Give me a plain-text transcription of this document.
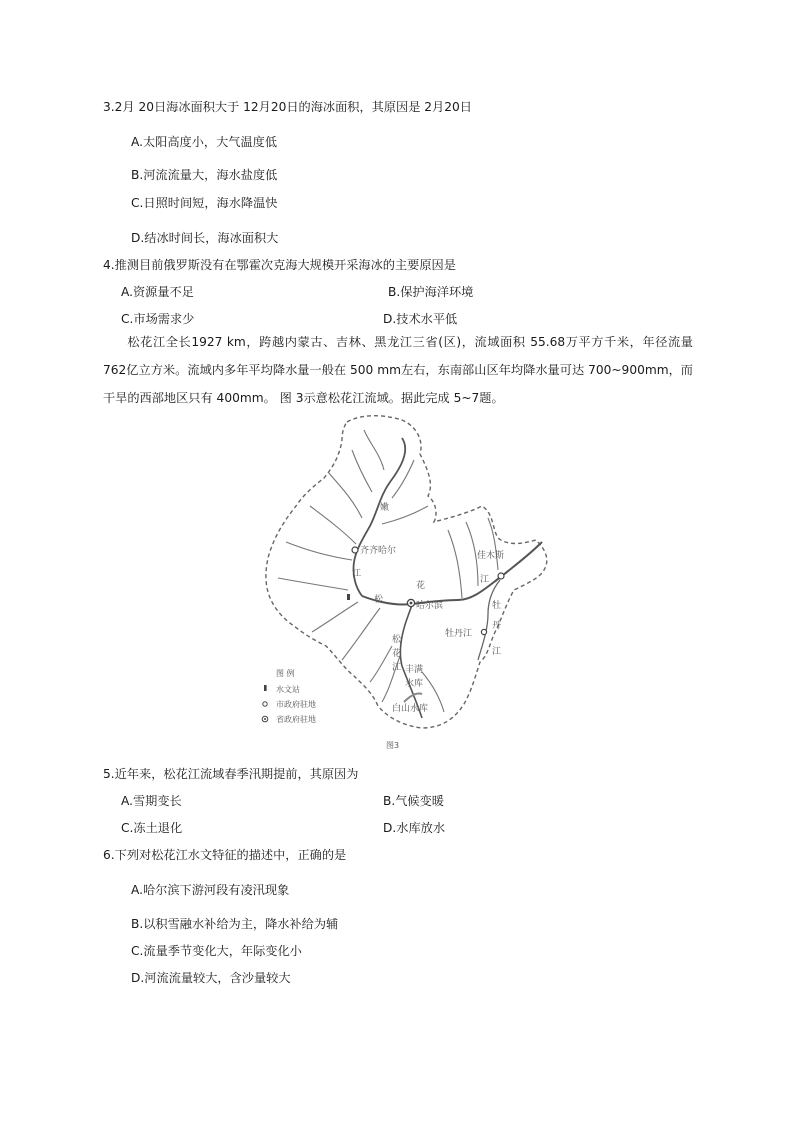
3.2月 20日海冰面积大于 12月20日的海冰面积，其原因是 2月20日
A.太阳高度小，大气温度低
B.河流流量大，海水盐度低
C.日照时间短，海水降温快
D.结冰时间长，海冰面积大
4.推测目前俄罗斯没有在鄂霍次克海大规模开采海冰的主要原因是
A.资源量不足	B.保护海洋环境
C.市场需求少	D.技术水平低
松花江全长1927 km，跨越内蒙古、吉林、黑龙江三省(区)，流域面积 55.68万平方千米，年径流量 762亿立方米。流域内多年平均降水量一般在 500 mm左右，东南部山区年均降水量可达 700~900mm，而干旱的西部地区只有 400mm。 图 3示意松花江流域。据此完成 5~7题。
嫩
齐齐哈尔
江
松
花
哈尔滨
佳木斯
江
牡
丹
牡丹江
江
松
花
江 丰满
水库
白山水库
图 例
水文站
市政府驻地
省政府驻地
图3
5.近年来，松花江流域春季汛期提前，其原因为
A.雪期变长	B.气候变暖
C.冻土退化	D.水库放水
6.下列对松花江水文特征的描述中，正确的是
A.哈尔滨下游河段有凌汛现象
B.以积雪融水补给为主，降水补给为辅
C.流量季节变化大，年际变化小
D.河流流量较大，含沙量较大
